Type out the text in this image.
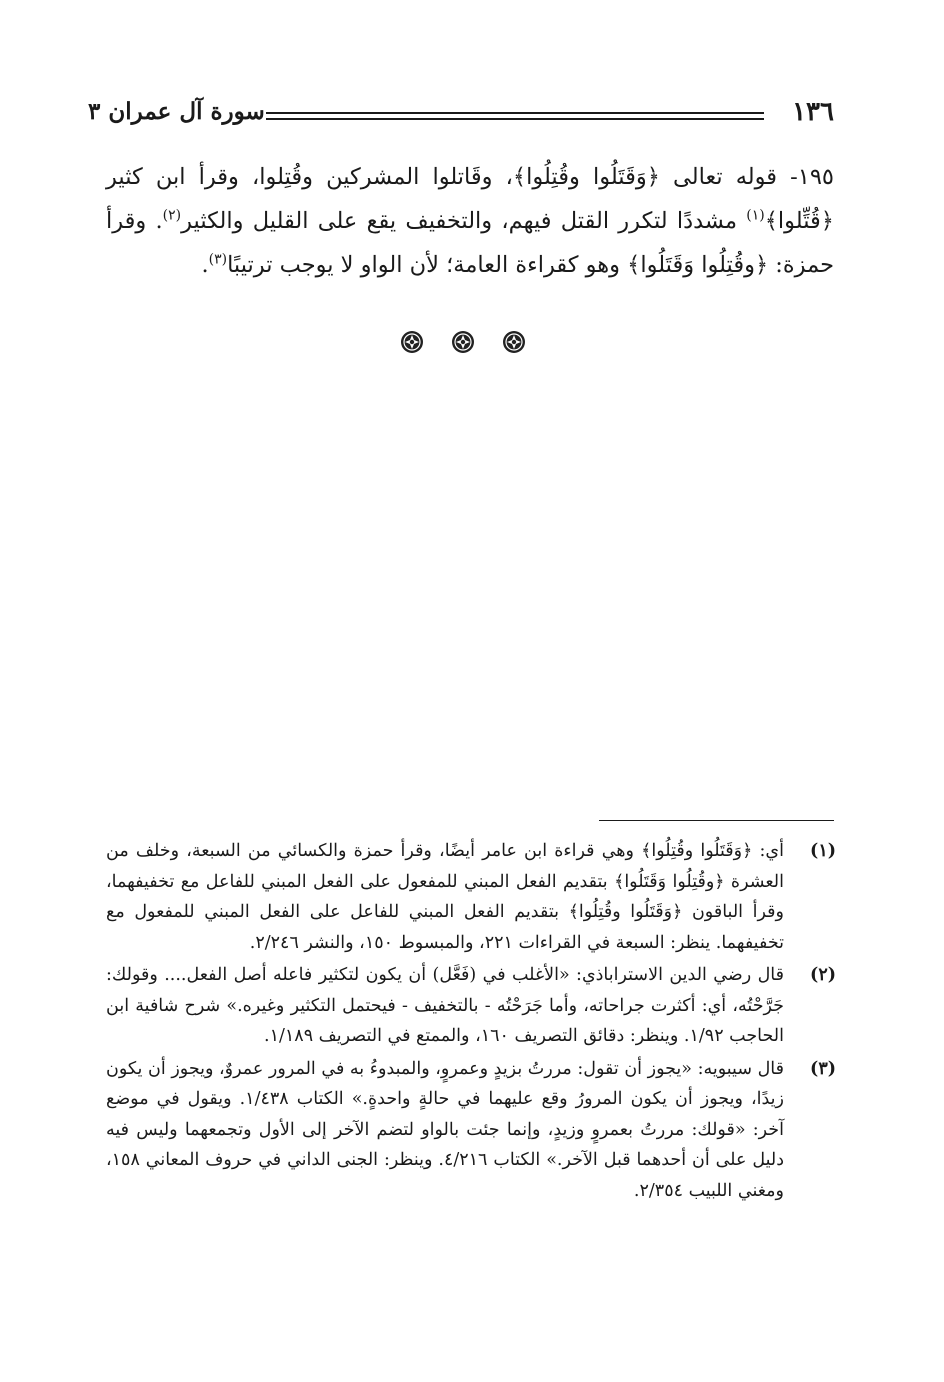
١٣٦
سورة آل عمران ٣

١٩٥- قوله تعالى ﴿وَقَتَلُوا وقُتِلُوا﴾، وقَاتلوا المشركين وقُتِلوا، وقرأ ابن كثير ﴿قُتِّلوا﴾$^{(١)}$ مشددًا لتكرر القتل فيهم، والتخفيف يقع على القليل والكثير$^{(٢)}$. وقرأ حمزة: ﴿وقُتِلُوا وَقَتَلُوا﴾ وهو كقراءة العامة؛ لأن الواو لا يوجب ترتيبًا$^{(٣)}$.

(١)
أي: ﴿وَقَتَلُوا وقُتِلُوا﴾ وهي قراءة ابن عامر أيضًا، وقرأ حمزة والكسائي من السبعة، وخلف من العشرة ﴿وقُتِلُوا وَقَتَلُوا﴾ بتقديم الفعل المبني للمفعول على الفعل المبني للفاعل مع تخفيفهما، وقرأ الباقون ﴿وَقَتَلُوا وقُتِلُوا﴾ بتقديم الفعل المبني للفاعل على الفعل المبني للمفعول مع تخفيفهما. ينظر: السبعة في القراءات ٢٢١، والمبسوط ١٥٠، والنشر ٢/٢٤٦.
(٢)
قال رضي الدين الاستراباذي: «الأغلب في (فَعَّل) أن يكون لتكثير فاعله أصل الفعل.... وقولك: جَرَّحْتُه، أي: أكثرت جراحاته، وأما جَرَحْتُه - بالتخفيف - فيحتمل التكثير وغيره.» شرح شافية ابن الحاجب ١/٩٢. وينظر: دقائق التصريف ١٦٠، والممتع في التصريف ١/١٨٩.
(٣)
قال سيبويه: «يجوز أن تقول: مررتُ بزيدٍ وعمروٍ، والمبدوءُ به في المرور عمروٌ، ويجوز أن يكون زيدًا، ويجوز أن يكون المرورُ وقع عليهما في حالةٍ واحدةٍ.» الكتاب ١/٤٣٨. ويقول في موضع آخر: «قولك: مررتُ بعمروٍ وزيدٍ، وإنما جئت بالواو لتضم الآخر إلى الأول وتجمعهما وليس فيه دليل على أن أحدهما قبل الآخر.» الكتاب ٤/٢١٦. وينظر: الجنى الداني في حروف المعاني ١٥٨، ومغني اللبيب ٢/٣٥٤.
